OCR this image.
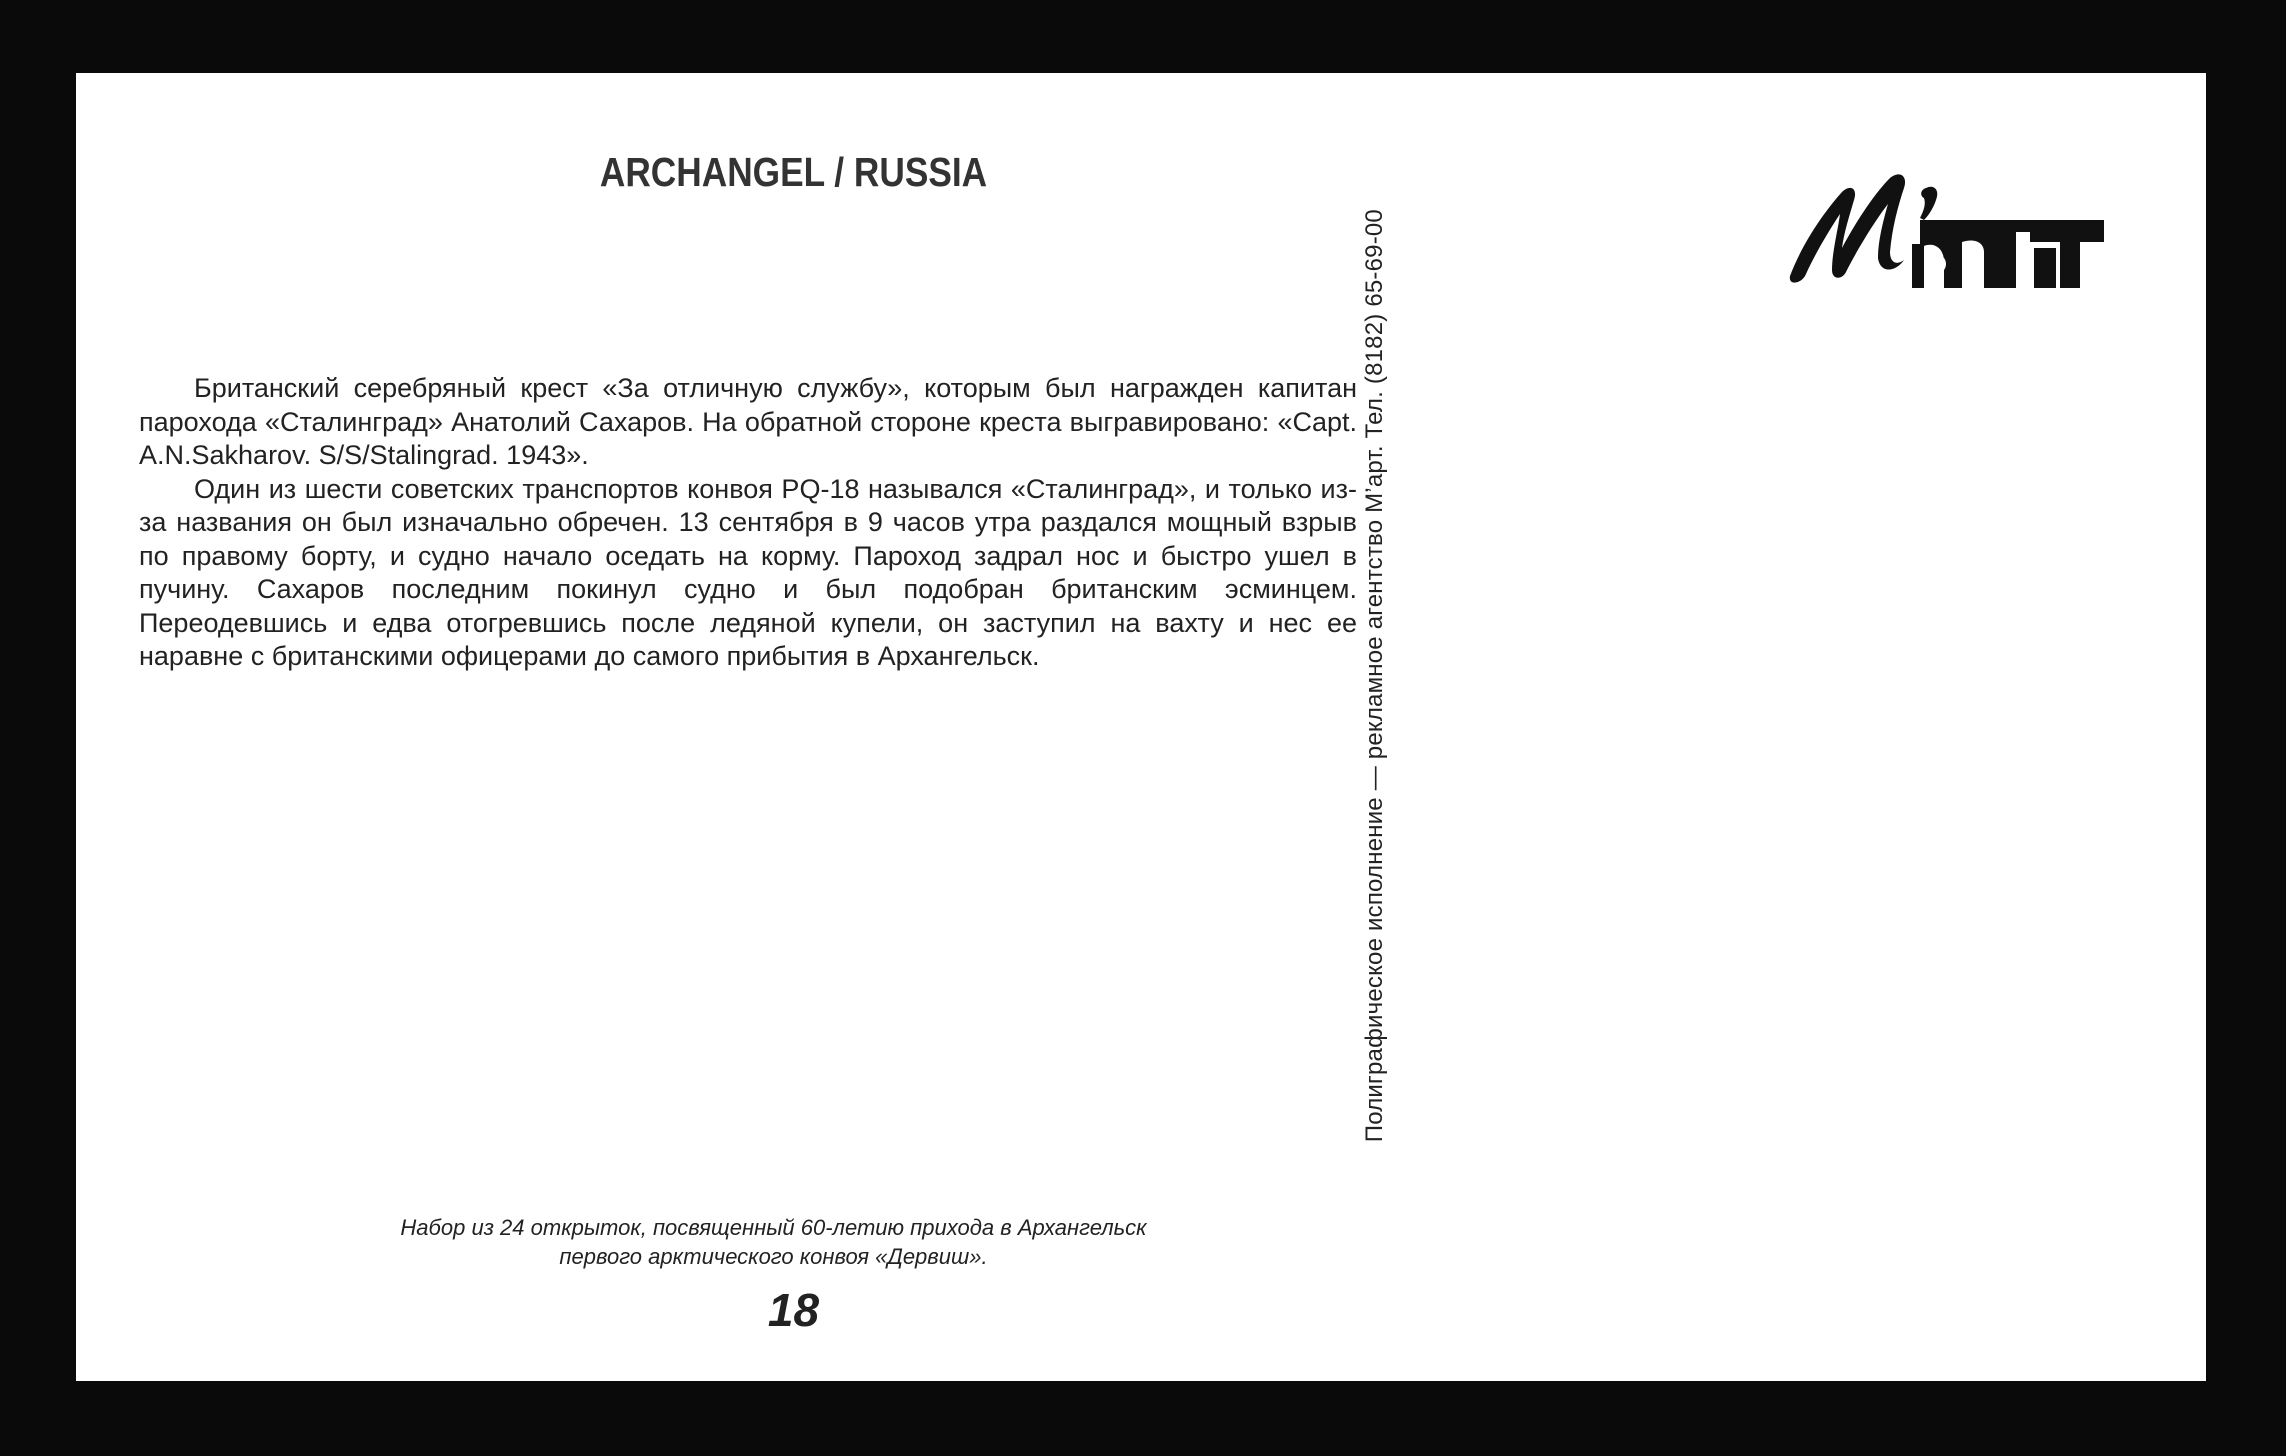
ARCHANGEL / RUSSIA

Британский серебряный крест «За отличную службу», которым был награжден капитан парохода «Сталинград» Анатолий Сахаров. На обратной стороне креста выгравировано: «Capt. A.N.Sakharov. S/S/Stalingrad. 1943».

Один из шести советских транспортов конвоя PQ-18 назывался «Сталинград», и только из-за названия он был изначально обречен. 13 сентября в 9 часов утра раздался мощный взрыв по правому борту, и судно начало оседать на корму. Пароход задрал нос и быстро ушел в пучину. Сахаров последним покинул судно и был подобран британским эсминцем. Переодевшись и едва отогревшись после ледяной купели, он заступил на вахту и нес ее наравне с британскими офицерами до самого прибытия в Архангельск.

Набор из 24 открыток, посвященный 60-летию прихода в Архангельск
первого арктического конвоя «Дервиш».
18
Полиграфическое исполнение — рекламное агентство М’арт. Тел. (8182) 65-69-00
